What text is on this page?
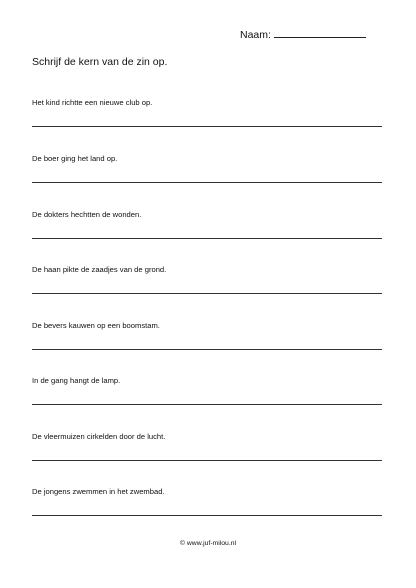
Naam:
Schrijf de kern van de zin op.
Het kind richtte een nieuwe club op.
De boer ging het land op.
De dokters hechtten de wonden.
De haan pikte de zaadjes van de grond.
De bevers kauwen op een boomstam.
In de gang hangt de lamp.
De vleermuizen cirkelden door de lucht.
De jongens zwemmen in het zwembad.
© www.juf-milou.nl
